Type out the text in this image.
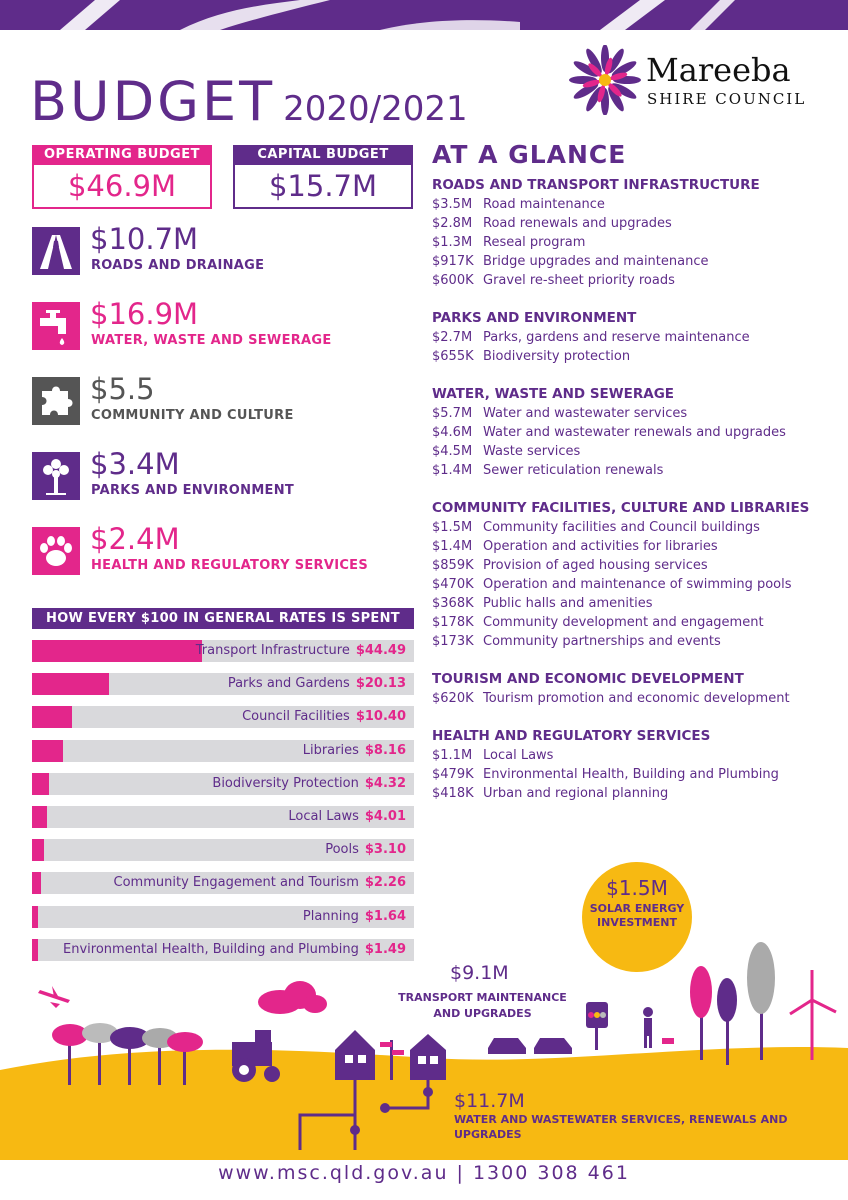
BUDGET 2020/2021
Mareeba
SHIRE COUNCIL
OPERATING BUDGET
$46.9M
CAPITAL BUDGET
$15.7M
$10.7M
ROADS AND DRAINAGE
$16.9M
WATER, WASTE AND SEWERAGE
$5.5
COMMUNITY AND CULTURE
$3.4M
PARKS AND ENVIRONMENT
$2.4M
HEALTH AND REGULATORY SERVICES
HOW EVERY $100 IN GENERAL RATES IS SPENT
Transport Infrastructure $44.49
Parks and Gardens $20.13
Council Facilities $10.40
Libraries $8.16
Biodiversity Protection $4.32
Local Laws $4.01
Pools $3.10
Community Engagement and Tourism $2.26
Planning $1.64
Environmental Health, Building and Plumbing $1.49
AT A GLANCE
ROADS AND TRANSPORT INFRASTRUCTURE
$3.5M Road maintenance
$2.8M Road renewals and upgrades
$1.3M Reseal program
$917K Bridge upgrades and maintenance
$600K Gravel re-sheet priority roads
PARKS AND ENVIRONMENT
$2.7M Parks, gardens and reserve maintenance
$655K Biodiversity protection
WATER, WASTE AND SEWERAGE
$5.7M Water and wastewater services
$4.6M Water and wastewater renewals and upgrades
$4.5M Waste services
$1.4M Sewer reticulation renewals
COMMUNITY FACILITIES, CULTURE AND LIBRARIES
$1.5M Community facilities and Council buildings
$1.4M Operation and activities for libraries
$859K Provision of aged housing services
$470K Operation and maintenance of swimming pools
$368K Public halls and amenities
$178K Community development and engagement
$173K Community partnerships and events
TOURISM AND ECONOMIC DEVELOPMENT
$620K Tourism promotion and economic development
HEALTH AND REGULATORY SERVICES
$1.1M Local Laws
$479K Environmental Health, Building and Plumbing
$418K Urban and regional planning
$1.5M
SOLAR ENERGY INVESTMENT
$9.1M
TRANSPORT MAINTENANCE AND UPGRADES
$11.7M
WATER AND WASTEWATER SERVICES, RENEWALS AND UPGRADES
www.msc.qld.gov.au | 1300 308 461
